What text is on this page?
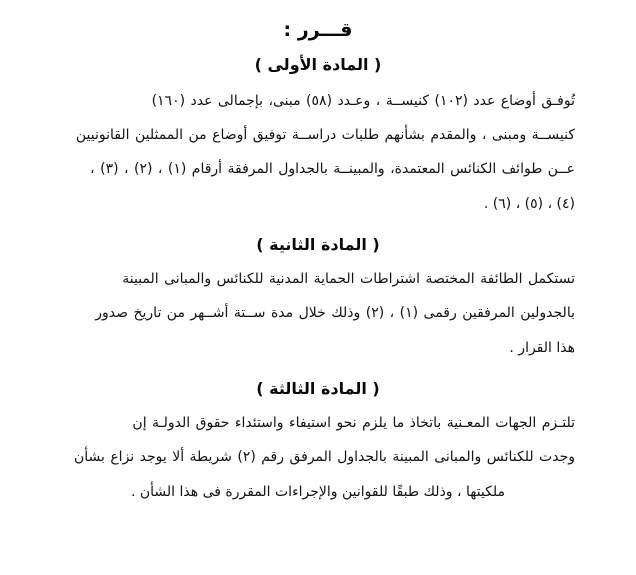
قـــرر :
( المادة الأولى )
تُوفـق أوضاع عدد (١٠٢) كنيســة ، وعـدد (٥٨) مبنى، بإجمالى عدد (١٦٠)
كنيســة ومبنى ، والمقدم بشأنهم طلبات دراســة توفيق أوضاع من الممثلين القانونيين
عــن طوائف الكنائس المعتمدة، والمبينــة بالجداول المرفقة أرقام (١) ، (٢) ، (٣) ،
(٤) ، (٥) ، (٦) .
( المادة الثانية )
تستكمل الطائفة المختصة اشتراطات الحماية المدنية للكنائس والمبانى المبينة
بالجدولين المرفقين رقمى (١) ، (٢) وذلك خلال مدة ســتة أشــهر من تاريخ صدور
هذا القرار .
( المادة الثالثة )
تلتـزم الجهات المعـنية باتخاذ ما يلزم نحو استيفاء واستئداء حقوق الدولـة إن
وجدت للكنائس والمبانى المبينة بالجداول المرفق رقم (٢) شريطة ألا يوجد نزاع بشأن
ملكيتها ، وذلك طبقًا للقوانين والإجراءات المقررة فى هذا الشأن .
